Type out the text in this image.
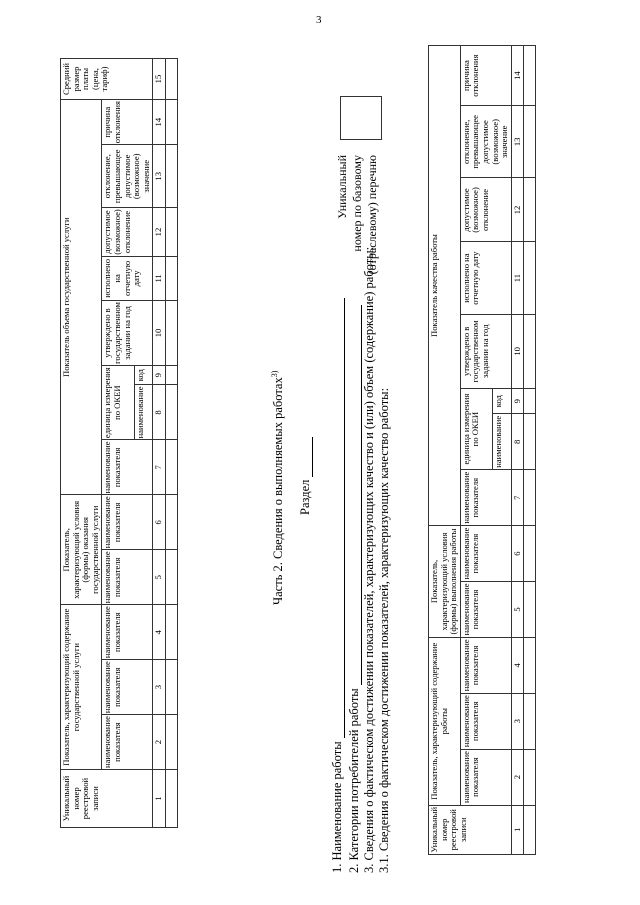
3
Уникальный номер реестровой записи	Показатель, характеризующий содержание государственной услуги			Показатель, характеризующий условия (формы) оказания государственной услуги		Показатель объема государственной услуги								Средний размер платы (цена, тариф)
	наименование показателя	наименование показателя	наименование показателя	наименование показателя	наименование показателя	наименование показателя	единица измерения по ОКЕИ		утверждено в государственном задании на год	исполнено на отчетную дату	допустимое (возможное) отклонение	отклонение, превышающее допустимое (возможное) значение	причина отклонения	
							наименование	код						
1	2	3	4	5	6	7	8	9	10	11	12	13	14	15

Часть 2. Сведения о выполняемых работах$^{3)}$
Раздел
Уникальный номер по базовому (отраслевому) перечню
1. Наименование работы 2. Категории потребителей работы 3. Сведения о фактическом достижении показателей, характеризующих качество и (или) объем (содержание) работы: 3.1. Сведения о фактическом достижении показателей, характеризующих качество работы:	Уникальный номер реестровой записи	Показатель, характеризующий содержание работы			Показатель, характеризующий условия (формы) выполнения работы		Показатель качества работы							
	наименование показателя	наименование показателя	наименование показателя	наименование показателя	наименование показателя	наименование показателя	единица измерения по ОКЕИ		утверждено в государственном задании на год	исполнено на отчетную дату	допустимое (возможное) отклонение	отклонение, превышающее допустимое (возможное) значение	причина отклонения
							наименование	код					
1	2	3	4	5	6	7	8	9	10	11	12	13	14
